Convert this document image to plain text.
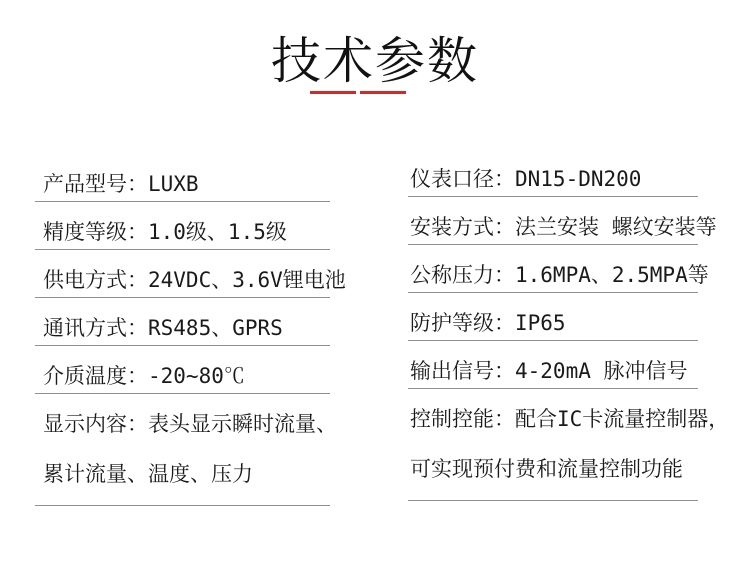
技术参数
产品型号：LUXB
精度等级：1.0级、1.5级
供电方式：24VDC、3.6V锂电池
通讯方式：RS485、GPRS
介质温度：-20~80℃
显示内容：表头显示瞬时流量、
累计流量、温度、压力
仪表口径：DN15-DN200
安装方式：法兰安装 螺纹安装等
公称压力：1.6MPA、2.5MPA等
防护等级：IP65
输出信号：4-20mA 脉冲信号
控制控能：配合IC卡流量控制器，
可实现预付费和流量控制功能
